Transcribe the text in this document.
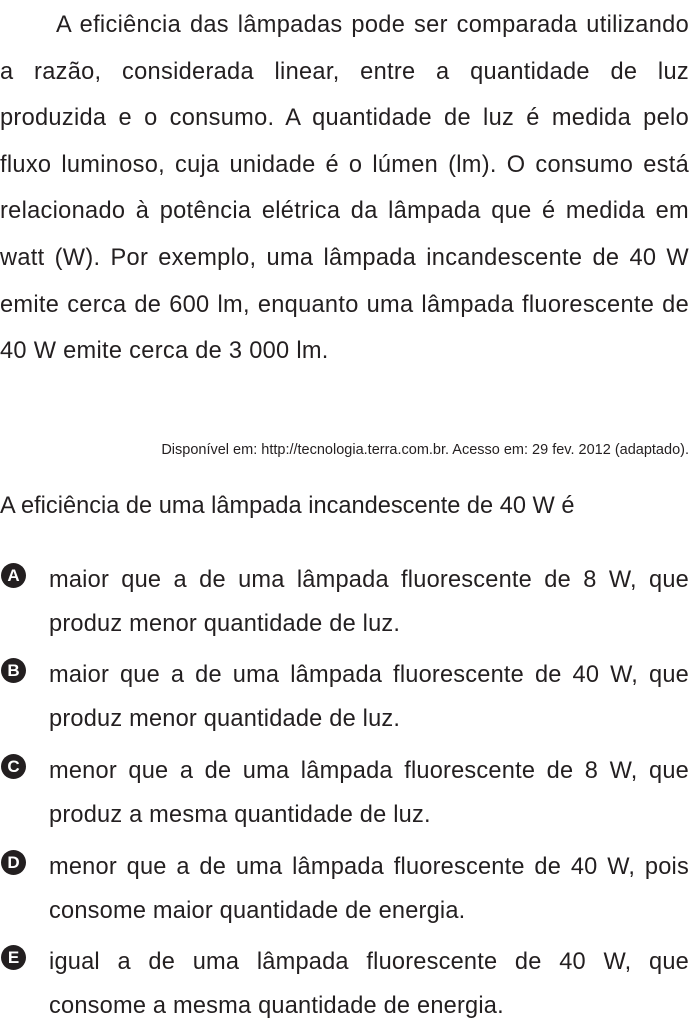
A eficiência das lâmpadas pode ser comparada utilizando a razão, considerada linear, entre a quantidade de luz produzida e o consumo. A quantidade de luz é medida pelo fluxo luminoso, cuja unidade é o lúmen (lm). O consumo está relacionado à potência elétrica da lâmpada que é medida em watt (W). Por exemplo, uma lâmpada incandescente de 40 W emite cerca de 600 lm, enquanto uma lâmpada fluorescente de 40 W emite cerca de 3 000 lm.

Disponível em: http://tecnologia.terra.com.br. Acesso em: 29 fev. 2012 (adaptado).

A eficiência de uma lâmpada incandescente de 40 W é

A maior que a de uma lâmpada fluorescente de 8 W, que produz menor quantidade de luz.

B maior que a de uma lâmpada fluorescente de 40 W, que produz menor quantidade de luz.

C menor que a de uma lâmpada fluorescente de 8 W, que produz a mesma quantidade de luz.

D menor que a de uma lâmpada fluorescente de 40 W, pois consome maior quantidade de energia.

E igual a de uma lâmpada fluorescente de 40 W, que consome a mesma quantidade de energia.
